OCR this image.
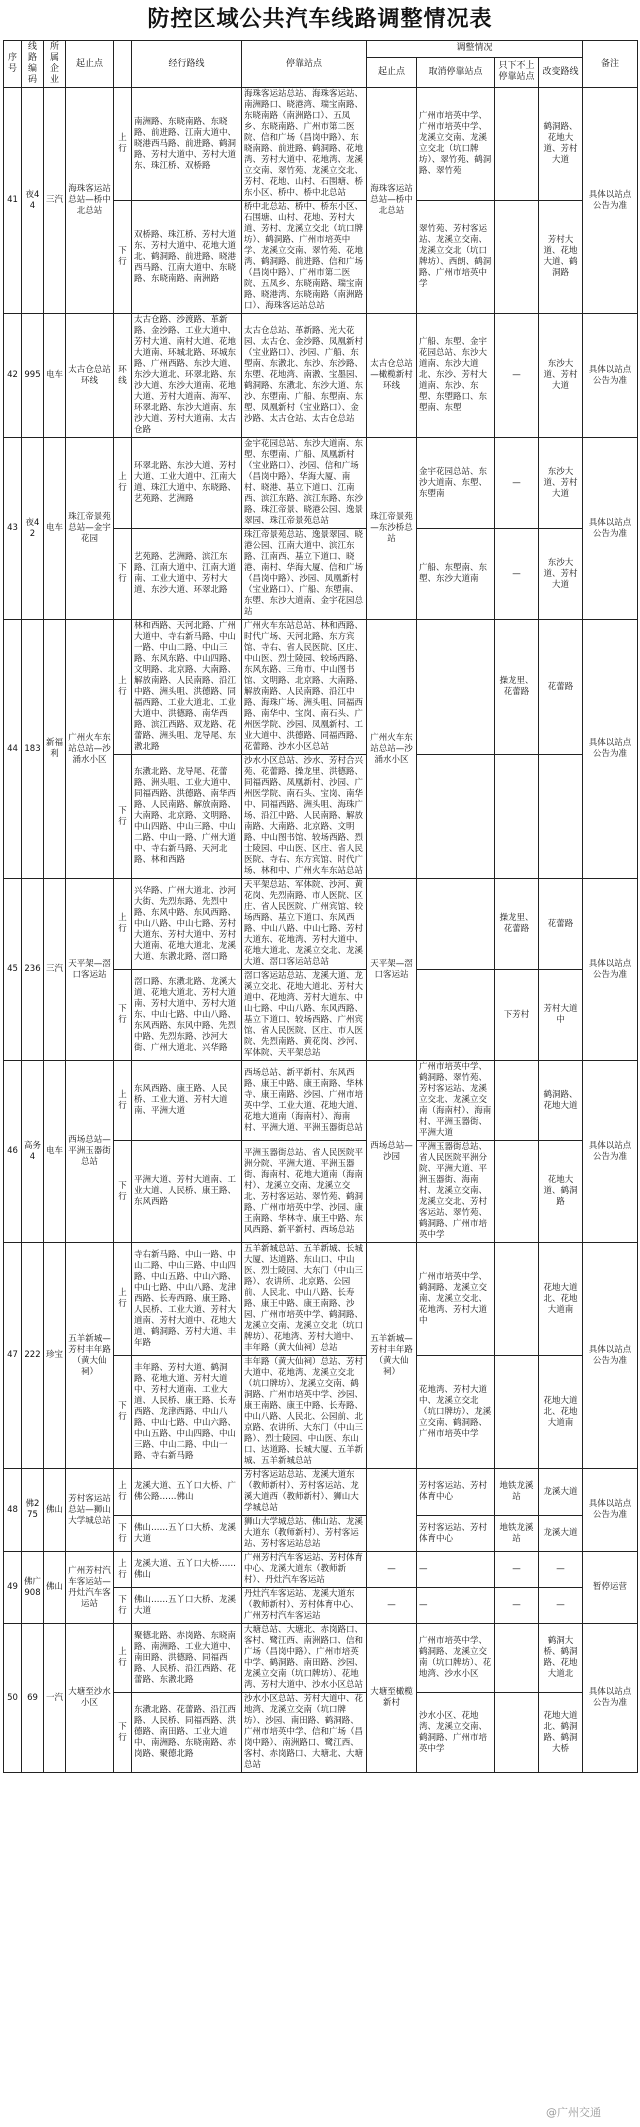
防控区域公共汽车线路调整情况表
序号	线路编码	所属企业	起止点		经行路线	停靠站点	调整情况				备注
							起止点	取消停靠站点	只下不上停靠站点	改变路线	
41	夜44	三汽	海珠客运站总站—桥中北总站	上行	南洲路、东晓南路、东晓路、前进路、江南大道中、晓港西马路、前进路、鹤洞路、芳村大道中、芳村大道东、珠江桥、双桥路	海珠客运站总站、海珠客运站、南洲路口、晓港湾、瑞宝南路、东晓南路（南洲路口）、五凤乡、东晓南路、广州市第二医院、信和广场（昌岗中路）、东晓南路、前进路、鹤洞路、花地湾、芳村大道中、花地湾、龙溪立交南、翠竹苑、龙溪立交北、芳村、花地、山村、石围塘、桥东小区、桥中、桥中北总站	海珠客运站总站—桥中北总站	广州市培英中学、广州市培英中学、龙溪立交南、龙溪立交北（坑口牌坊）、翠竹苑、鹤洞路、翠竹苑		鹤洞路、花地大道、芳村大道	具体以站点公告为准
				下行	双桥路、珠江桥、芳村大道东、芳村大道中、花地大道北、鹤洞路、前进路、晓港西马路、江南大道中、东晓路、东晓南路、南洲路	桥中北总站、桥中、桥东小区、石围塘、山村、花地、芳村大道、芳村、龙溪立交北（坑口牌坊）、鹤洞路、广州市培英中学、龙溪立交南、翠竹苑、花地湾、鹤洞路、前进路、信和广场（昌岗中路）、广州市第二医院、五凤乡、东晓南路、瑞宝南路、晓港湾、东晓南路（南洲路口）、海珠客运站总站		翠竹苑、芳村客运站、龙溪立交南、龙溪立交北（坑口牌坊）、西朗、鹤洞路、广州市培英中学		芳村大道、花地大道、鹤洞路	
42	995	电车	太古仓总站环线	环线	太古仓路、沙渡路、革新路、金沙路、工业大道中、芳村大道、南村大道、花地大道南、环城北路、环城东路、广州西路、东沙大道、东沙大道北、环翠北路、东沙大道、东沙大道南、花地大道、芳村大道南、海军、环翠北路、东沙大道南、东沙大道、芳村大道南、太古仓路	太古仓总站、革新路、光大花园、太古仓、金沙路、凤凰新村（宝业路口）、沙园、广船、东塱南、东漖北、东沙、东沙路、东塱、花地湾、南漖、宝墨园、鹤洞路、东漖北、东沙大道、东沙、东塱南、广船、东塱南、东塱、凤凰新村（宝业路口）、金沙路、太古仓站、太古仓总站	太古仓总站—橄榄新村环线	广船、东塱、金宇花园总站、东沙大道南、东沙大道北、东沙、芳村大道南、东沙、东塱、东塱路口、东塱南、东塱	—	东沙大道、芳村大道	具体以站点公告为准
43	夜42	电车	珠江帝景苑总站—金宇花园	上行	环翠北路、东沙大道、芳村大道、工业大道中、江南大道、珠江大道中、东晓路、艺苑路、艺洲路	金宇花园总站、东沙大道南、东塱、东塱南、广船、凤凰新村（宝业路口）、沙园、信和广场（昌岗中路）、华海大厦、南村、晓港、基立下道口、江南西、滨江东路、滨江东路、东沙路、珠江帝景、晓港公园、逸景翠园、珠江帝景苑总站	珠江帝景苑—东沙桥总站	金宇花园总站、东沙大道南、东塱、东塱南	—	东沙大道、芳村大道	具体以站点公告为准
				下行	艺苑路、艺洲路、滨江东路、江南大道中、江南大道南、工业大道中、芳村大道、东沙大道、环翠北路	珠江帝景苑总站、逸景翠园、晓港公园、江南大道中、滨江东路、江南西、基立下道口、晓港、南村、华海大厦、信和广场（昌岗中路）、沙园、凤凰新村（宝业路口）、广船、东塱南、东塱、东沙大道南、金宇花园总站		广船、东塱南、东塱、东沙大道南	—	东沙大道、芳村大道	
44	183	新福利	广州火车东站总站—沙涌水小区	上行	林和西路、天河北路、广州大道中、寺右新马路、中山一路、中山二路、中山三路、东风东路、中山四路、文明路、北京路、大南路、解放南路、人民南路、沿江中路、洲头咀、洪德路、同福西路、工业大道北、工业大道中、洪德路、南华西路、滨江西路、双龙路、花蕾路、洲头咀、龙导尾、东漖北路	广州火车东站总站、林和西路、时代广场、天河北路、东方宾馆、寺右、省人民医院、区庄、中山医、烈士陵园、较场西路、东风东路、三角市、中山图书馆、文明路、北京路、大南路、解放南路、人民南路、沿江中路、海珠广场、洲头咀、同福西路、南华中、宝岗、南石头、广州医学院、沙园、凤凰新村、工业大道中、洪德路、同福西路、花蕾路、沙水小区总站	广州火车东站总站—沙涌水小区		操龙里、花蕾路	花蕾路	具体以站点公告为准
				下行	东漖北路、龙导尾、花蕾路、洲头咀、工业大道中、同福西路、洪德路、南华西路、人民南路、解放南路、大南路、北京路、文明路、中山四路、中山三路、中山二路、中山一路、广州大道中、寺右新马路、天河北路、林和西路	沙水小区总站、沙水、芳村合兴苑、花蕾路、操龙里、洪德路、同福西路、凤凰新村、沙园、广州医学院、南石头、宝岗、南华中、同福西路、洲头咀、海珠广场、沿江中路、人民南路、解放南路、大南路、北京路、文明路、中山图书馆、较场西路、烈士陵园、中山医、区庄、省人民医院、寺右、东方宾馆、时代广场、林和中、广州火车东站总站					
45	236	三汽	天平架—滘口客运站	上行	兴华路、广州大道北、沙河大街、先烈东路、先烈中路、东风中路、东风西路、中山八路、中山七路、芳村大道东、芳村大道中、芳村大道南、花地大道北、龙溪大道、东漖北路、滘口路	天平架总站、军体院、沙河、黄花岗、先烈南路、市人医院、区庄、省人民医院、广州宾馆、较场西路、基立下道口、东风西路、中山八路、中山七路、芳村大道东、花地湾、芳村大道中、花地大道北、龙溪立交北、龙溪大道、滘口客运站总站	天平架—滘口客运站		操龙里、花蕾路	花蕾路	具体以站点公告为准
				下行	滘口路、东漖北路、龙溪大道、花地大道北、芳村大道南、芳村大道中、芳村大道东、中山七路、中山八路、东风西路、东风中路、先烈中路、先烈东路、沙河大街、广州大道北、兴华路	滘口客运站总站、龙溪大道、龙溪立交北、花地大道北、芳村大道中、花地湾、芳村大道东、中山七路、中山八路、东风西路、基立下道口、较场西路、广州宾馆、省人民医院、区庄、市人医院、先烈南路、黄花岗、沙河、军体院、天平架总站			下芳村	芳村大道中	
46	高务4	电车	西场总站—平洲玉器街总站	上行	东风西路、康王路、人民桥、工业大道、芳村大道南、平洲大道	西场总站、新平新村、东风西路、康王中路、康王南路、华林寺、康王南路、沙园、广州市培英中学、工业大道、花地大道、花地大道南（海南村）、海南村、平洲大道、平洲玉器街总站	西场总站—沙园	广州市培英中学、鹤洞路、翠竹苑、芳村客运站、龙溪立交北、龙溪立交南（海南村）、海南村、平洲玉器街、平洲大道		鹤洞路、花地大道	具体以站点公告为准
				下行	平洲大道、芳村大道南、工业大道、人民桥、康王路、东风西路	平洲玉器街总站、省人民医院平洲分院、平洲大道、平洲玉器街、海南村、花地大道南（海南村）、龙溪立交南、龙溪立交北、芳村客运站、翠竹苑、鹤洞路、广州市培英中学、沙园、康王南路、华林寺、康王中路、东风西路、新平新村、西场总站		平洲玉器街总站、省人民医院平洲分院、平洲大道、平洲玉器街、海南村、龙溪立交南、龙溪立交北、芳村客运站、翠竹苑、鹤洞路、广州市培英中学		花地大道、鹤洞路	
47	222	珍宝	五羊新城—芳村丰年路（黄大仙祠）	上行	寺右新马路、中山一路、中山二路、中山三路、中山四路、中山五路、中山六路、中山七路、中山八路、龙津西路、长寿西路、康王路、人民桥、工业大道、芳村大道南、芳村大道中、花地大道、鹤洞路、芳村大道、丰年路	五羊新城总站、五羊新城、长城大厦、达道路、东山口、中山医、烈士陵园、大东门（中山三路）、农讲所、北京路、公园前、人民北、中山八路、长寿路、康王中路、康王南路、沙园、广州市培英中学、鹤洞路、龙溪立交南、龙溪立交北（坑口牌坊）、花地湾、芳村大道中、丰年路（黄大仙祠）总站	五羊新城—芳村丰年路（黄大仙祠）	广州市培英中学、鹤洞路、龙溪立交南、龙溪立交北、花地湾、芳村大道中		花地大道北、花地大道南	具体以站点公告为准
				下行	丰年路、芳村大道、鹤洞路、花地大道、芳村大道中、芳村大道南、工业大道、人民桥、康王路、长寿西路、龙津西路、中山八路、中山七路、中山六路、中山五路、中山四路、中山三路、中山二路、中山一路、寺右新马路	丰年路（黄大仙祠）总站、芳村大道中、花地湾、龙溪立交北（坑口牌坊）、龙溪立交南、鹤洞路、广州市培英中学、沙园、康王南路、康王中路、长寿路、中山八路、人民北、公园前、北京路、农讲所、大东门（中山三路）、烈士陵园、中山医、东山口、达道路、长城大厦、五羊新城、五羊新城总站		花地湾、芳村大道中、龙溪立交北（坑口牌坊）、龙溪立交南、鹤洞路、广州市培英中学		花地大道北、花地大道南	
48	佛275	佛山	芳村客运站总站—狮山大学城总站	上行	龙溪大道、五丫口大桥、广佛公路……佛山	芳村客运站总站、龙溪大道东（教师新村）、芳村客运站、龙溪大道西（教师新村）、狮山大学城总站		芳村客运站、芳村体育中心	地铁龙溪站	龙溪大道	具体以站点公告为准
				下行	佛山……五丫口大桥、龙溪大道	狮山大学城总站、佛山站、龙溪大道东（教师新村）、芳村客运站、芳村客运站总站		芳村客运站、芳村体育中心	地铁龙溪站	龙溪大道	
49	佛广908	佛山	广州芳村汽车客运站—丹灶汽车客运站	上行	龙溪大道、五丫口大桥……佛山	广州芳村汽车客运站、芳村体育中心、龙溪大道东（教师新村）、丹灶汽车客运站	—	—	—	—	暂停运营
				下行	佛山……五丫口大桥、龙溪大道	丹灶汽车客运站、龙溪大道东（教师新村）、芳村体育中心、广州芳村汽车客运站	—	—	—	—	
50	69	一汽	大塘至沙水小区	上行	聚德北路、赤岗路、东晓南路、南洲路、工业大道中、南田路、洪德路、同福西路、人民桥、沿江西路、花蕾路、东漖北路	大塘总站、大塘北、赤岗路口、客村、鹭江西、南洲路口、信和广场（昌岗中路）、广州市培英中学、鹤洞路、南田路、沙园、龙溪立交南（坑口牌坊）、花地湾、芳村大道中、沙水小区总站	大塘至橄榄新村	广州市培英中学、鹤洞路、龙溪立交南（坑口牌坊）、花地湾、沙水小区		鹤洞大桥、鹤洞路、花地大道北	具体以站点公告为准
				下行	东漖北路、花蕾路、沿江西路、人民桥、同福西路、洪德路、南田路、工业大道中、南洲路、东晓南路、赤岗路、聚德北路	沙水小区总站、芳村大道中、花地湾、龙溪立交南（坑口牌坊）、沙园、南田路、鹤洞路、广州市培英中学、信和广场（昌岗中路）、南洲路口、鹭江西、客村、赤岗路口、大塘北、大塘总站		沙水小区、花地湾、龙溪立交南、鹤洞路、广州市培英中学		花地大道北、鹤洞路、鹤洞大桥	
@广州交通
